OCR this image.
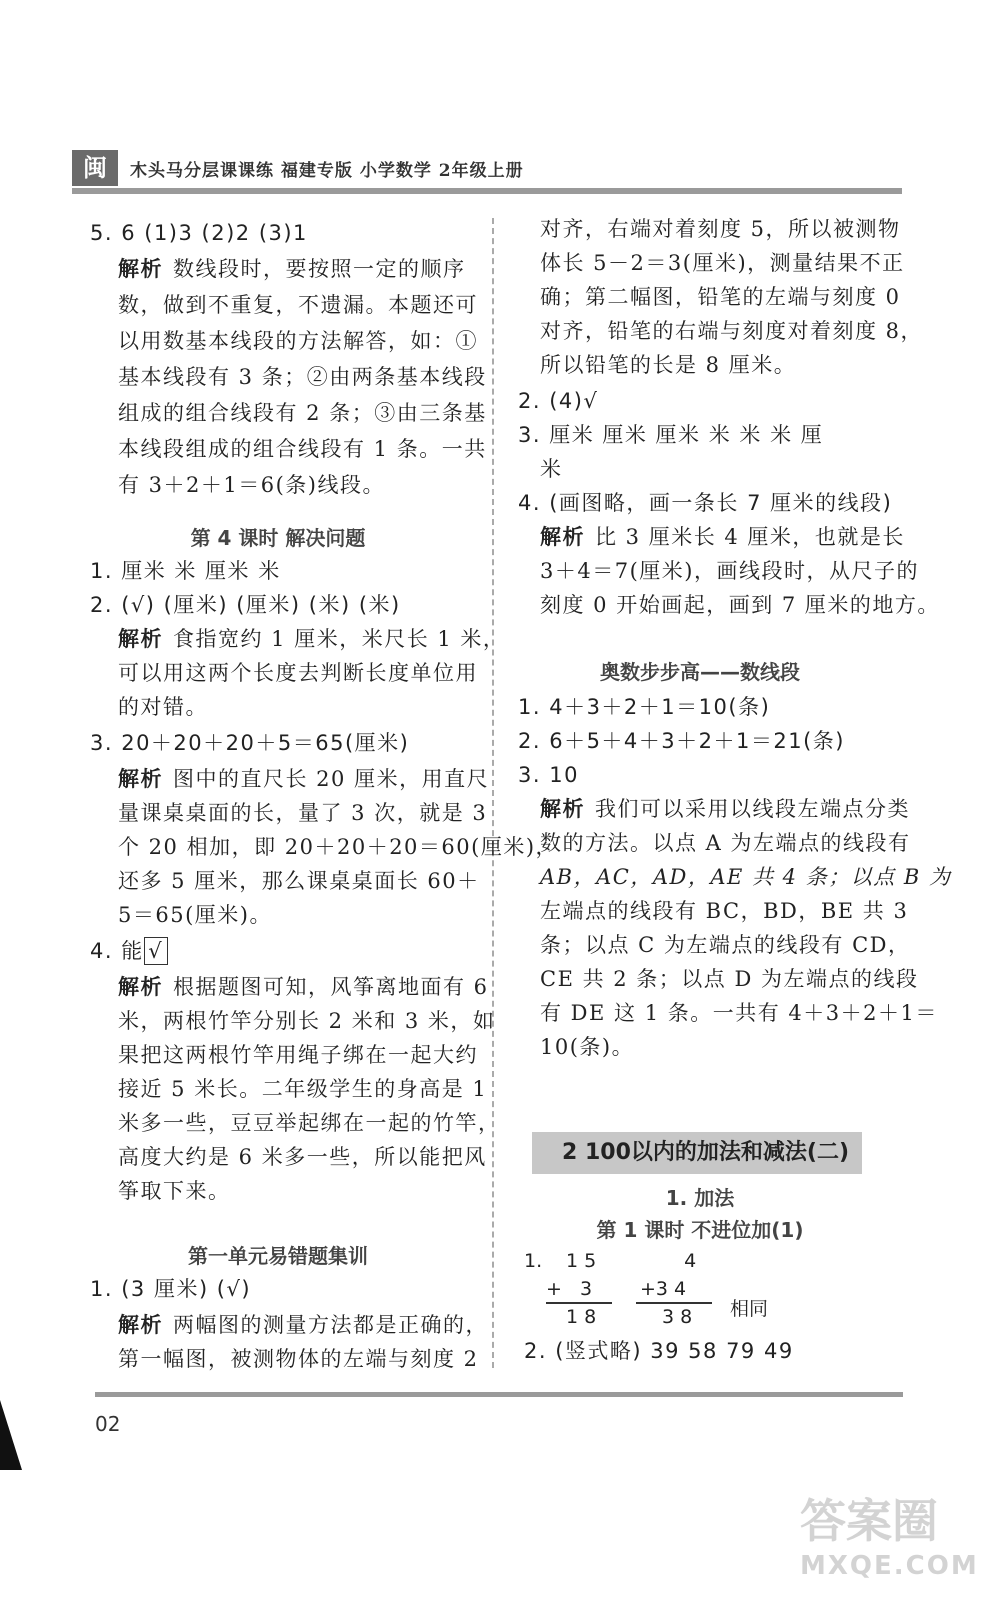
闽	木头马分层课课练 福建专版 小学数学 2年级上册
5. 6 (1)3 (2)2 (3)1
解析 数线段时，要按照一定的顺序
数，做到不重复，不遗漏。本题还可
以用数基本线段的方法解答，如：①
基本线段有 3 条；②由两条基本线段
组成的组合线段有 2 条；③由三条基
本线段组成的组合线段有 1 条。一共
有 3＋2＋1＝6(条)线段。
第 4 课时 解决问题
1. 厘米 米 厘米 米
2. (√) (厘米) (厘米) (米) (米)
解析 食指宽约 1 厘米，米尺长 1 米，
可以用这两个长度去判断长度单位用
的对错。
3. 20＋20＋20＋5＝65(厘米)
解析 图中的直尺长 20 厘米，用直尺
量课桌桌面的长，量了 3 次，就是 3
个 20 相加，即 20＋20＋20＝60(厘米)，
还多 5 厘米，那么课桌桌面长 60＋
5＝65(厘米)。
4. 能 √
解析 根据题图可知，风筝离地面有 6
米，两根竹竿分别长 2 米和 3 米，如
果把这两根竹竿用绳子绑在一起大约
接近 5 米长。二年级学生的身高是 1
米多一些，豆豆举起绑在一起的竹竿，
高度大约是 6 米多一些，所以能把风
筝取下来。
第一单元易错题集训
1. (3 厘米) (√)
解析 两幅图的测量方法都是正确的，
第一幅图，被测物体的左端与刻度 2
对齐，右端对着刻度 5，所以被测物
体长 5－2＝3(厘米)，测量结果不正
确；第二幅图，铅笔的左端与刻度 0
对齐，铅笔的右端与刻度对着刻度 8，
所以铅笔的长是 8 厘米。
2. (4)√
3. 厘米 厘米 厘米 米 米 米 厘
米
4. (画图略，画一条长 7 厘米的线段)
解析 比 3 厘米长 4 厘米，也就是长
3＋4＝7(厘米)，画线段时，从尺子的
刻度 0 开始画起，画到 7 厘米的地方。
奥数步步高——数线段
1. 4＋3＋2＋1＝10(条)
2. 6＋5＋4＋3＋2＋1＝21(条)
3. 10
解析 我们可以采用以线段左端点分类
数的方法。以点 A 为左端点的线段有
AB，AC，AD，AE 共 4 条；以点 B 为
左端点的线段有 BC，BD，BE 共 3
条；以点 C 为左端点的线段有 CD，
CE 共 2 条；以点 D 为左端点的线段
有 DE 这 1 条。一共有 4＋3＋2＋1＝
10(条)。
2 100以内的加法和减法(二)
1. 加法
第 1 课时 不进位加(1)
1. 1 5
+   3
1 8
4
+3 4
3 8 相同
2. (竖式略) 39 58 79 49
02
答案圈
MXQE.COM
